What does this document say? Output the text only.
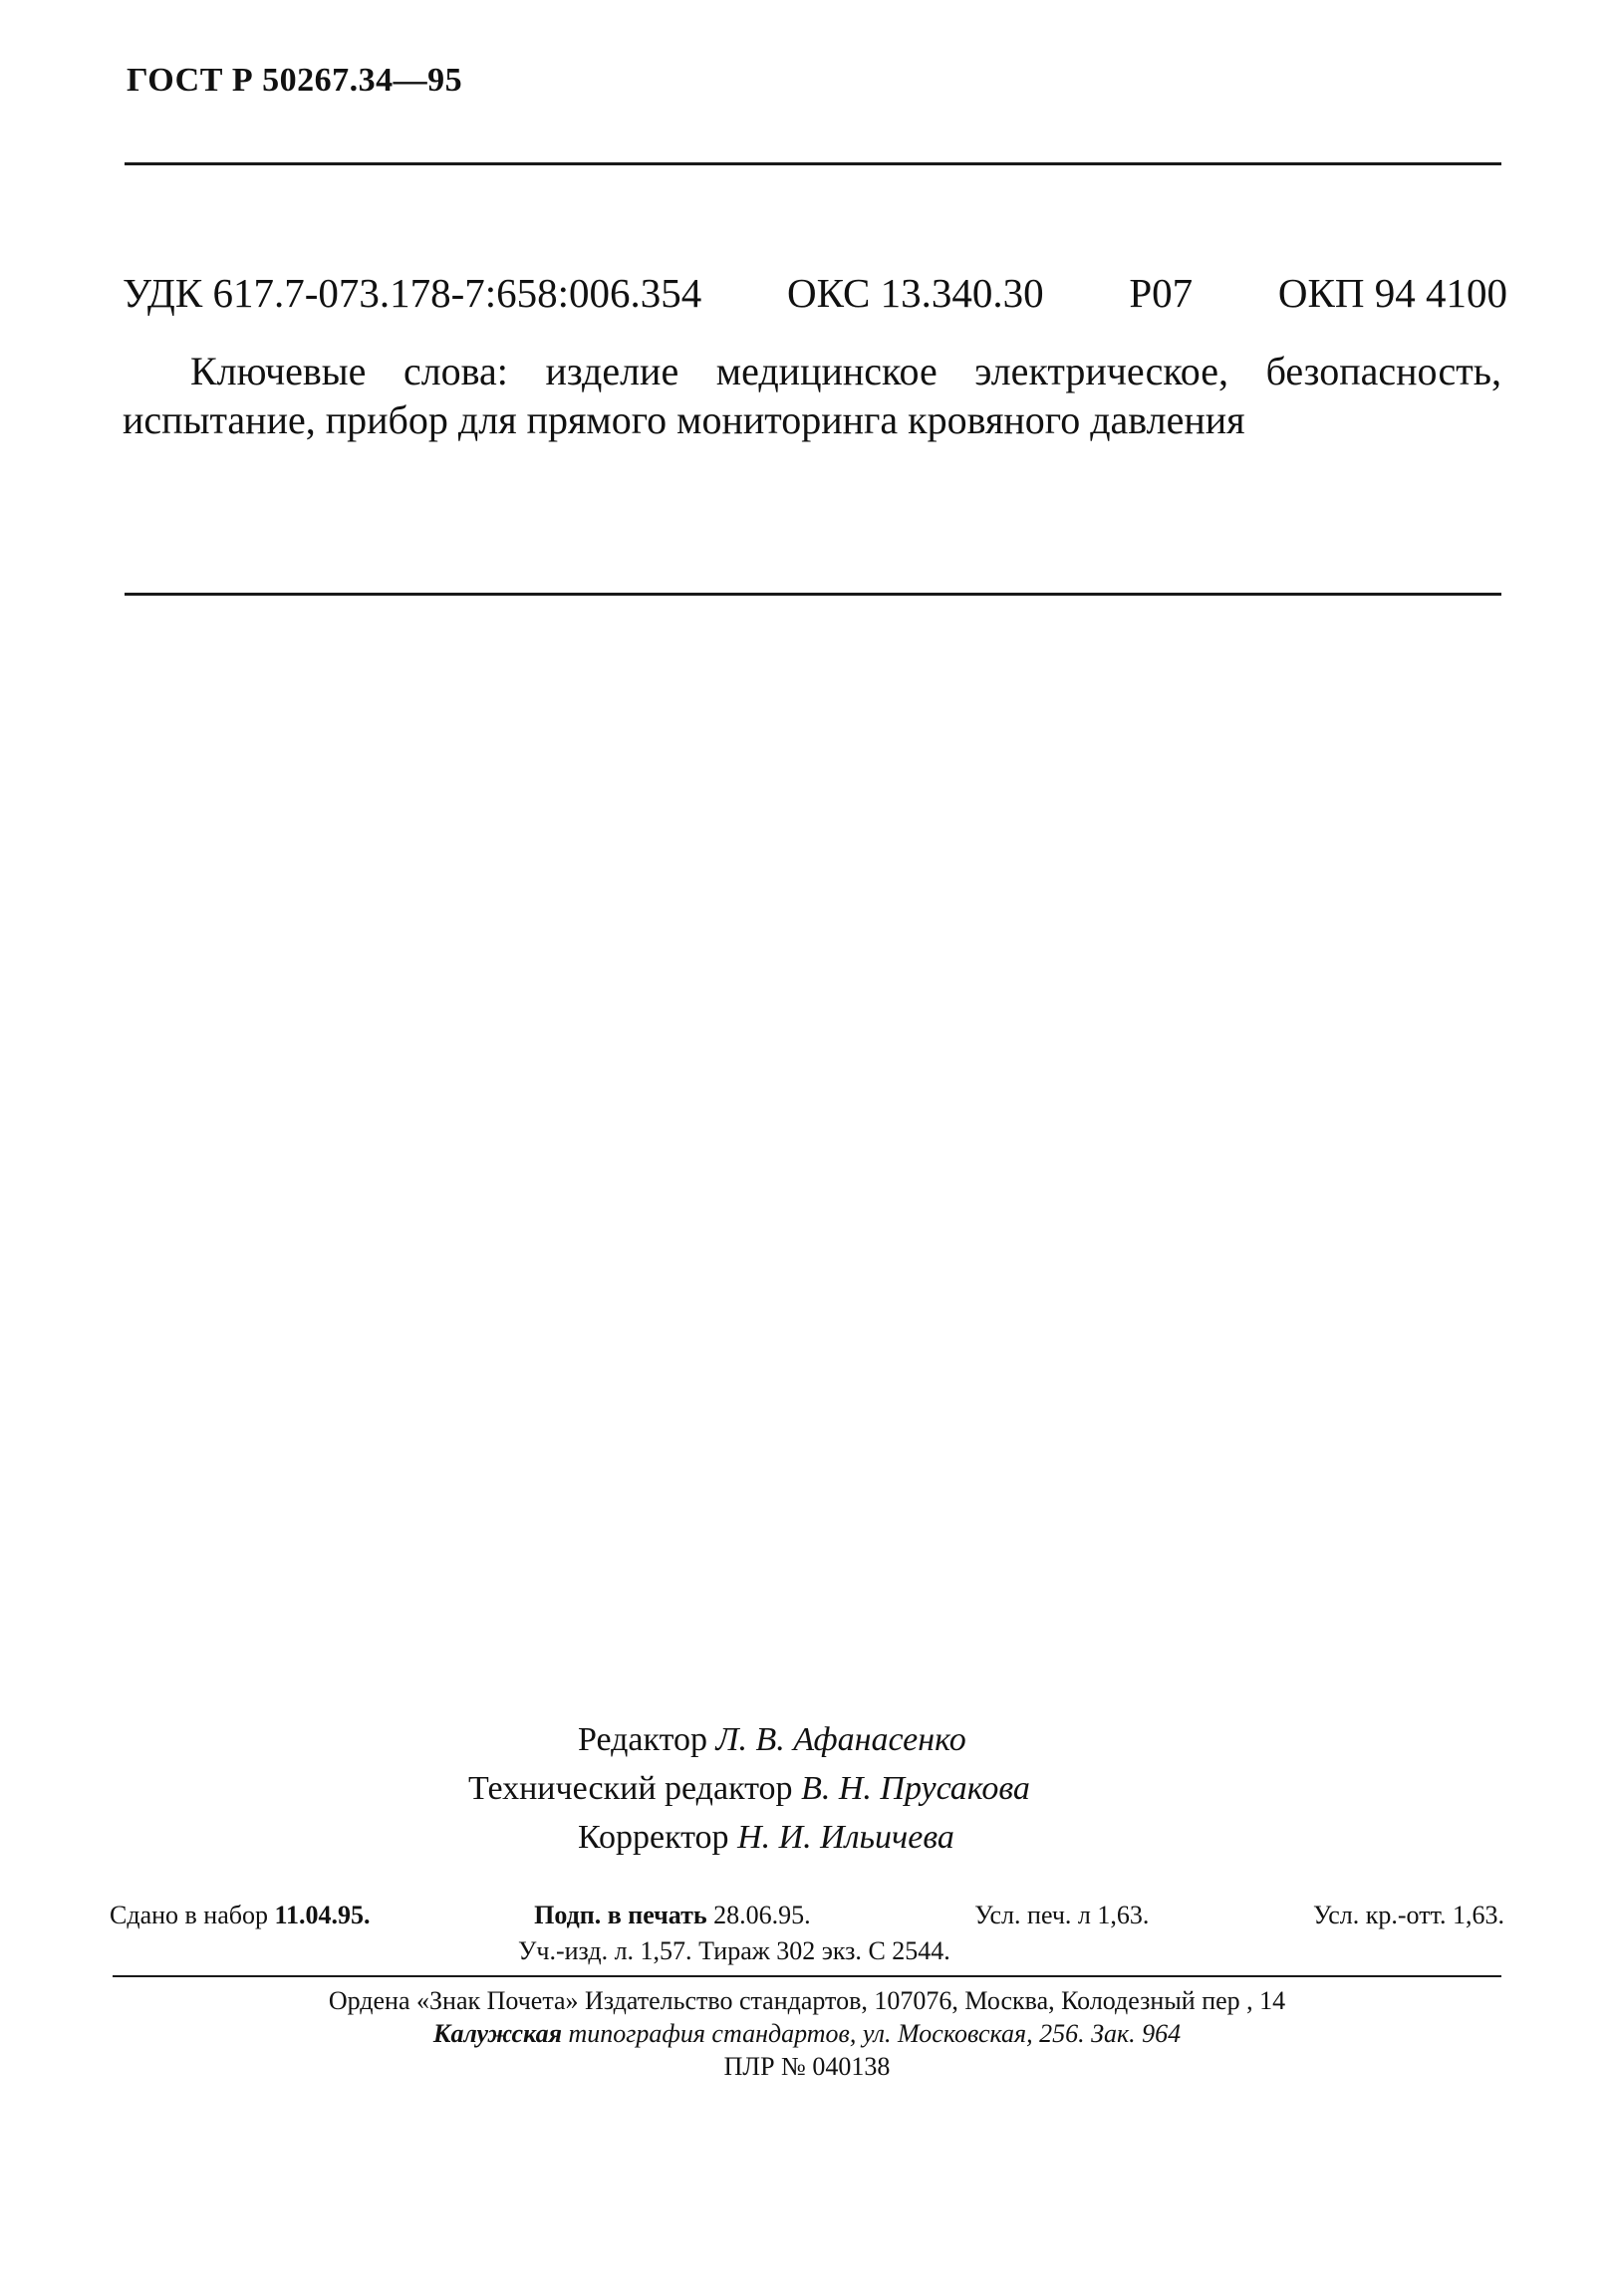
ГОСТ Р 50267.34—95
УДК 617.7-073.178-7:658:006.354 ОКС 13.340.30 Р07 ОКП 94 4100
Ключевые слова: изделие медицинское электрическое, безопасность, испытание, прибор для прямого мониторинга кровяного давления
Редактор Л. В. Афанасенко
Технический редактор В. Н. Прусакова
Корректор Н. И. Ильичева
Сдано в набор 11.04.95.	Подп. в печать 28.06.95.	Усл. печ. л 1,63.	Усл. кр.-отт. 1,63.
Уч.-изд. л. 1,57. Тираж 302 экз. С 2544.
Ордена «Знак Почета» Издательство стандартов, 107076, Москва, Колодезный пер , 14
Калужская типография стандартов, ул. Московская, 256. Зак. 964
ПЛР № 040138
